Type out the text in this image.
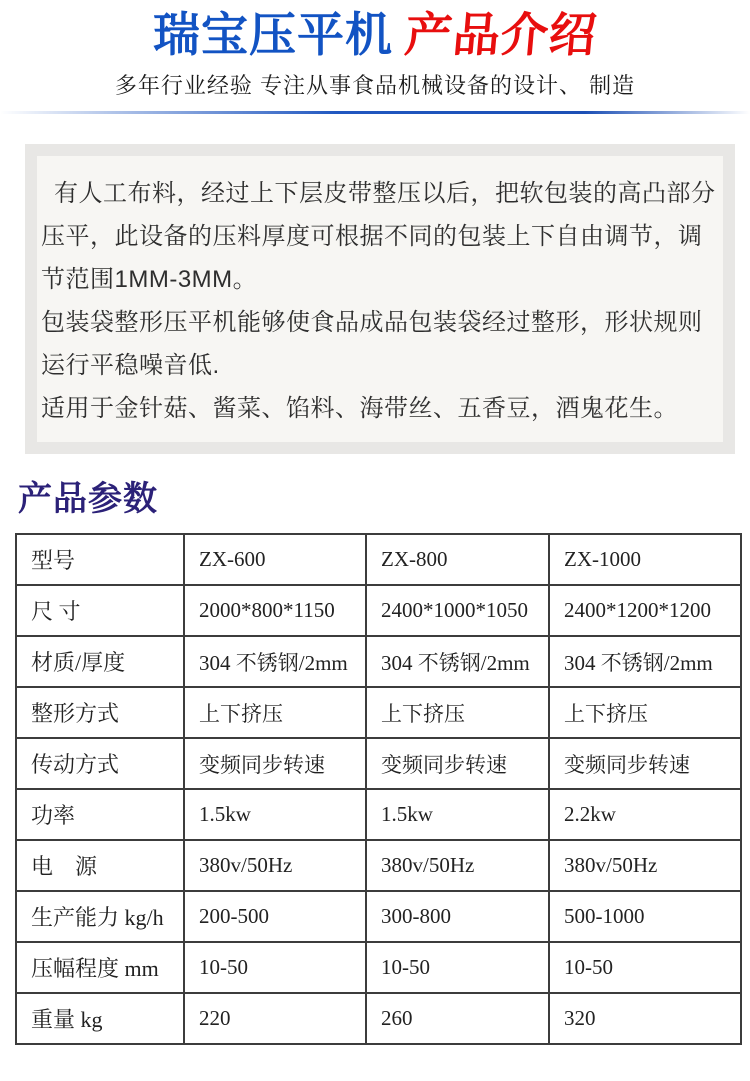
瑞宝压平机 产品介绍
多年行业经验 专注从事食品机械设备的设计、 制造

有人工布料，经过上下层皮带整压以后，把软包装的高凸部分压平，此设备的压料厚度可根据不同的包装上下自由调节，调节范围1MM-3MM。

包装袋整形压平机能够使食品成品包装袋经过整形，形状规则 运行平稳噪音低.

适用于金针菇、酱菜、馅料、海带丝、五香豆，酒鬼花生。

产品参数
型号	ZX-600	ZX-800	ZX-1000
尺 寸	2000*800*1150	2400*1000*1050	2400*1200*1200
材质/厚度	304 不锈钢/2mm	304 不锈钢/2mm	304 不锈钢/2mm
整形方式	上下挤压	上下挤压	上下挤压
传动方式	变频同步转速	变频同步转速	变频同步转速
功率	1.5kw	1.5kw	2.2kw
电　源	380v/50Hz	380v/50Hz	380v/50Hz
生产能力 kg/h	200-500	300-800	500-1000
压幅程度 mm	10-50	10-50	10-50
重量 kg	220	260	320
